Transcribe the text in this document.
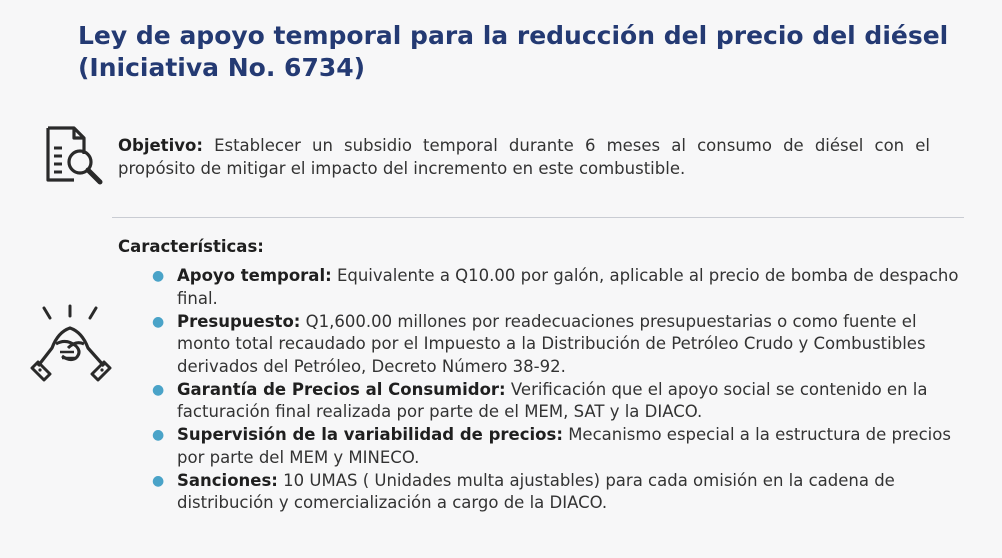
Ley de apoyo temporal para la reducción del precio del diésel
(Iniciativa No. 6734)
Objetivo: Establecer un subsidio temporal durante 6 meses al consumo de diésel con el propósito de mitigar el impacto del incremento en este combustible.
Características:
● Apoyo temporal: Equivalente a Q10.00 por galón, aplicable al precio de bomba de despacho final.
● Presupuesto: Q1,600.00 millones por readecuaciones presupuestarias o como fuente el monto total recaudado por el Impuesto a la Distribución de Petróleo Crudo y Combustibles derivados del Petróleo, Decreto Número 38-92.
● Garantía de Precios al Consumidor: Verificación que el apoyo social se contenido en la facturación final realizada por parte de el MEM, SAT y la DIACO.
● Supervisión de la variabilidad de precios: Mecanismo especial a la estructura de precios por parte del MEM y MINECO.
● Sanciones: 10 UMAS ( Unidades multa ajustables) para cada omisión en la cadena de distribución y comercialización a cargo de la DIACO.
